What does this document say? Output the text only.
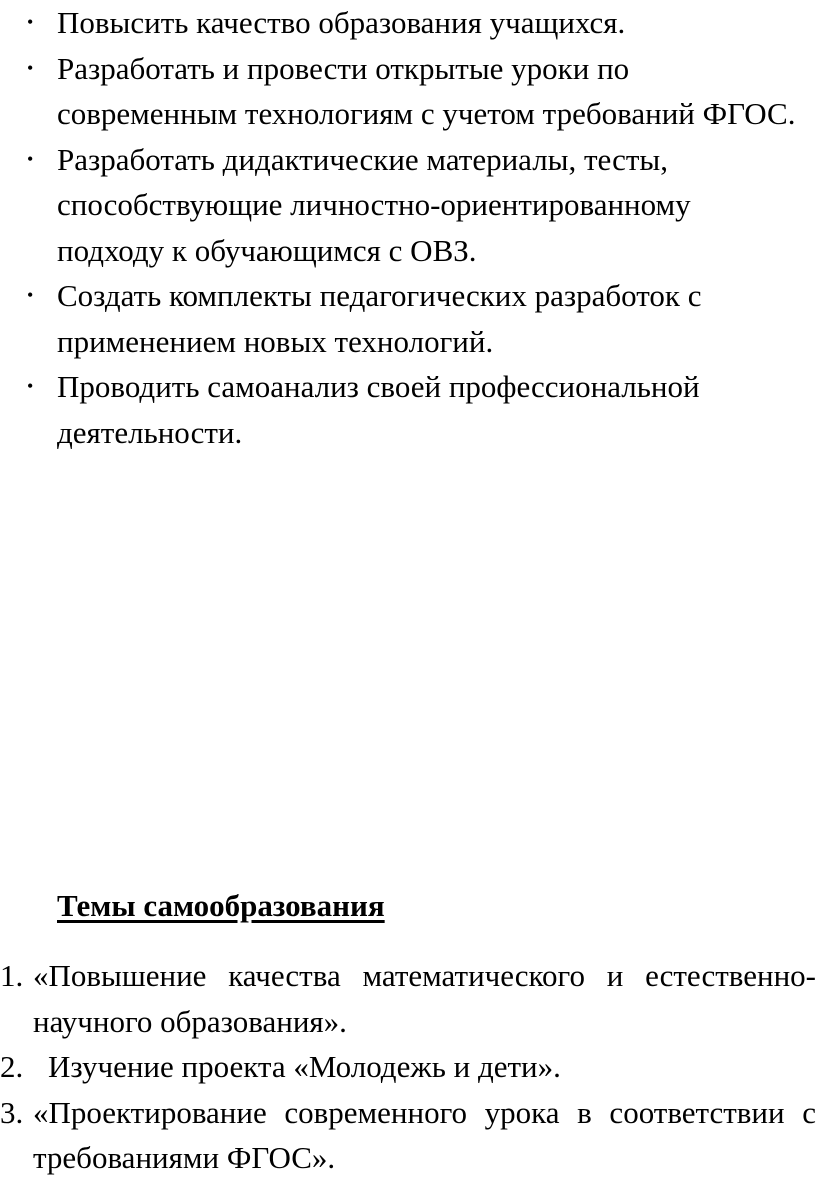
• Повысить качество образования учащихся.
• Разработать и провести открытые уроки по современным технологиям с учетом требований ФГОС.
• Разработать дидактические материалы, тесты, способствующие личностно-ориентированному подходу к обучающимся с ОВЗ.
• Создать комплекты педагогических разработок с применением новых технологий.
• Проводить самоанализ своей профессиональной деятельности.
Темы самообразования
1. «Повышение качества математического и естественно-научного образования».
2. Изучение проекта «Молодежь и дети».
3. «Проектирование современного урока в соответствии с требованиями ФГОС».
